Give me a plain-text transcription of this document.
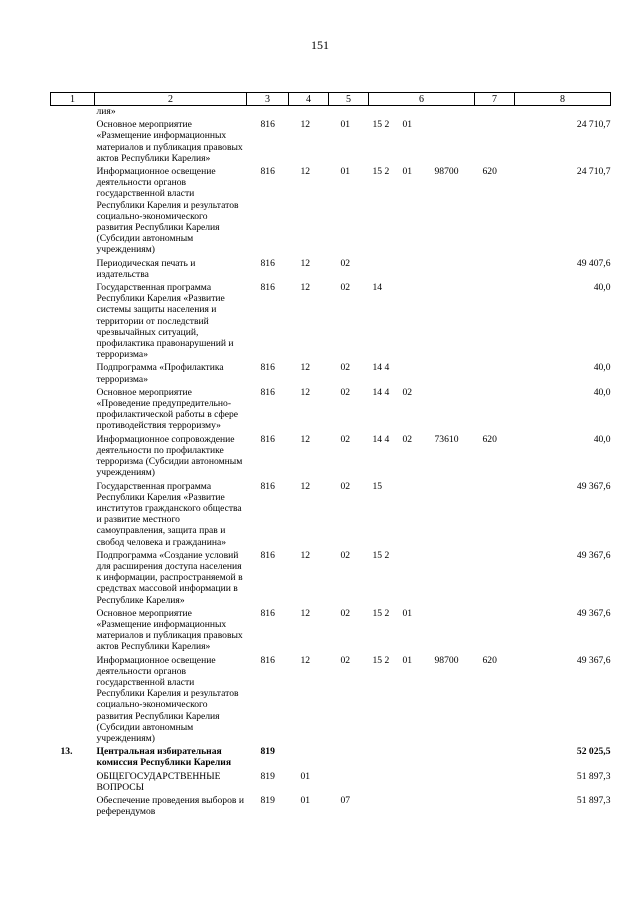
151
1	2	3	4	5	6				7	8
	лия»									
	Основное мероприятие «Размещение информационных материалов и публикация правовых актов Республики Карелия»	816	12	01	15	2	01			24 710,7
	Информационное освещение деятельности органов государственной власти Республики Карелия и результатов социально-экономического развития Республики Карелия (Субсидии автономным учреждениям)	816	12	01	15	2	01	98700	620	24 710,7
	Периодическая печать и издательства	816	12	02						49 407,6
	Государственная программа Республики Карелия «Развитие системы защиты населения и территории от последствий чрезвычайных ситуаций, профилактика правонарушений и терроризма»	816	12	02	14					40,0
	Подпрограмма «Профилактика терроризма»	816	12	02	14	4				40,0
	Основное мероприятие «Проведение предупредительно-профилактической работы в сфере противодействия терроризму»	816	12	02	14	4	02			40,0
	Информационное сопровождение деятельности по профилактике терроризма (Субсидии автономным учреждениям)	816	12	02	14	4	02	73610	620	40,0
	Государственная программа Республики Карелия «Развитие институтов гражданского общества и развитие местного самоуправления, защита прав и свобод человека и гражданина»	816	12	02	15					49 367,6
	Подпрограмма «Создание условий для расширения доступа населения к информации, распространяемой в средствах массовой информации в Республике Карелия»	816	12	02	15	2				49 367,6
	Основное мероприятие «Размещение информационных материалов и публикация правовых актов Республики Карелия»	816	12	02	15	2	01			49 367,6
	Информационное освещение деятельности органов государственной власти Республики Карелия и результатов социально-экономического развития Республики Карелия (Субсидии автономным учреждениям)	816	12	02	15	2	01	98700	620	49 367,6
13.	Центральная избирательная комиссия Республики Карелия	819								52 025,5
	ОБЩЕГОСУДАРСТВЕННЫЕ ВОПРОСЫ	819	01							51 897,3
	Обеспечение проведения выборов и референдумов	819	01	07						51 897,3
